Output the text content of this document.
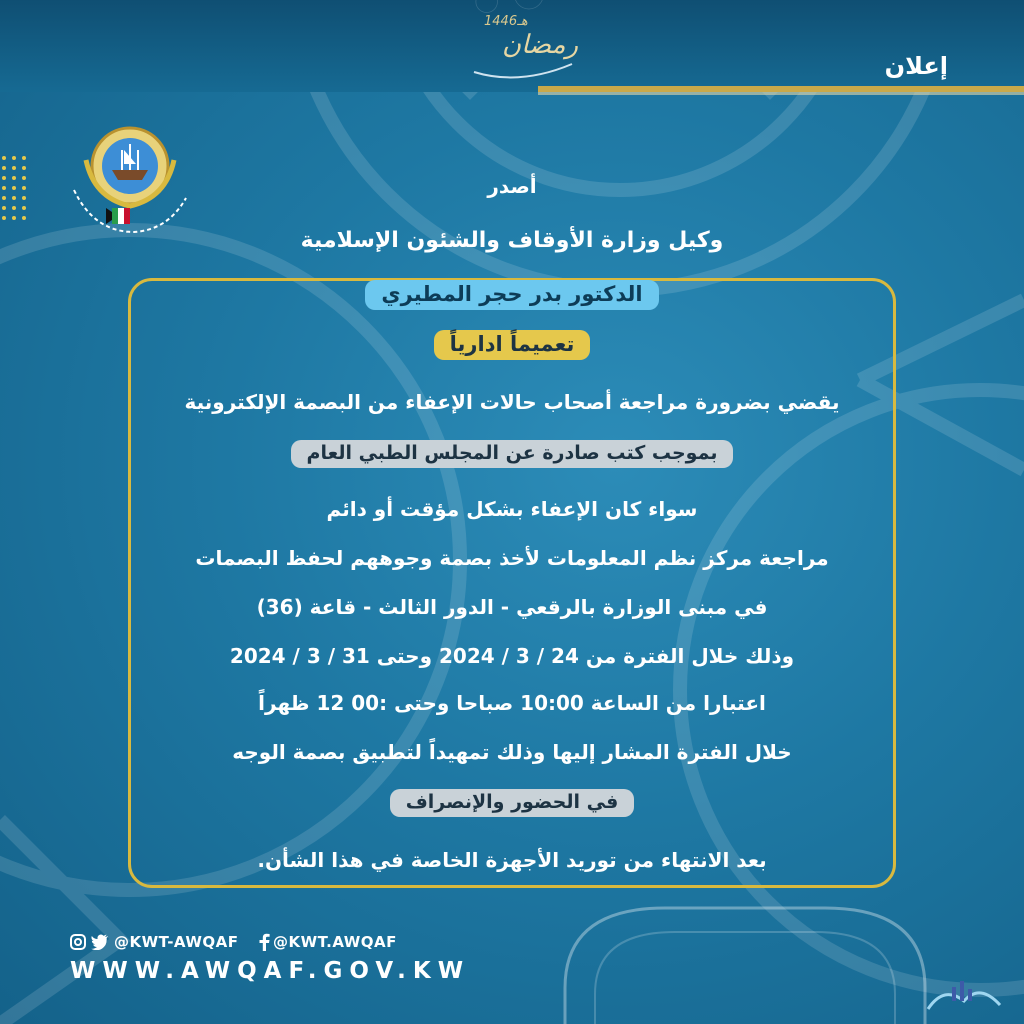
1446هـ
رمضان
إعلان
أصدر
وكيل وزارة الأوقاف والشئون الإسلامية
الدكتور بدر حجر المطيري
تعميماً ادارياً
يقضي بضرورة مراجعة أصحاب حالات الإعفاء من البصمة الإلكترونية
بموجب كتب صادرة عن المجلس الطبي العام
سواء كان الإعفاء بشكل مؤقت أو دائم
مراجعة مركز نظم المعلومات لأخذ بصمة وجوههم لحفظ البصمات
في مبنى الوزارة بالرقعي - الدور الثالث - قاعة (36)
وذلك خلال الفترة من 24 / 3 / 2024 وحتى 31 / 3 / 2024
اعتبارا من الساعة 10:00 صباحا وحتى :00 12 ظهراً
خلال الفترة المشار إليها وذلك تمهيداً لتطبيق بصمة الوجه
في الحضور والإنصراف
بعد الانتهاء من توريد الأجهزة الخاصة في هذا الشأن.
@KWT-AWQAF @KWT.AWQAF
WWW.AWQAF.GOV.KW
